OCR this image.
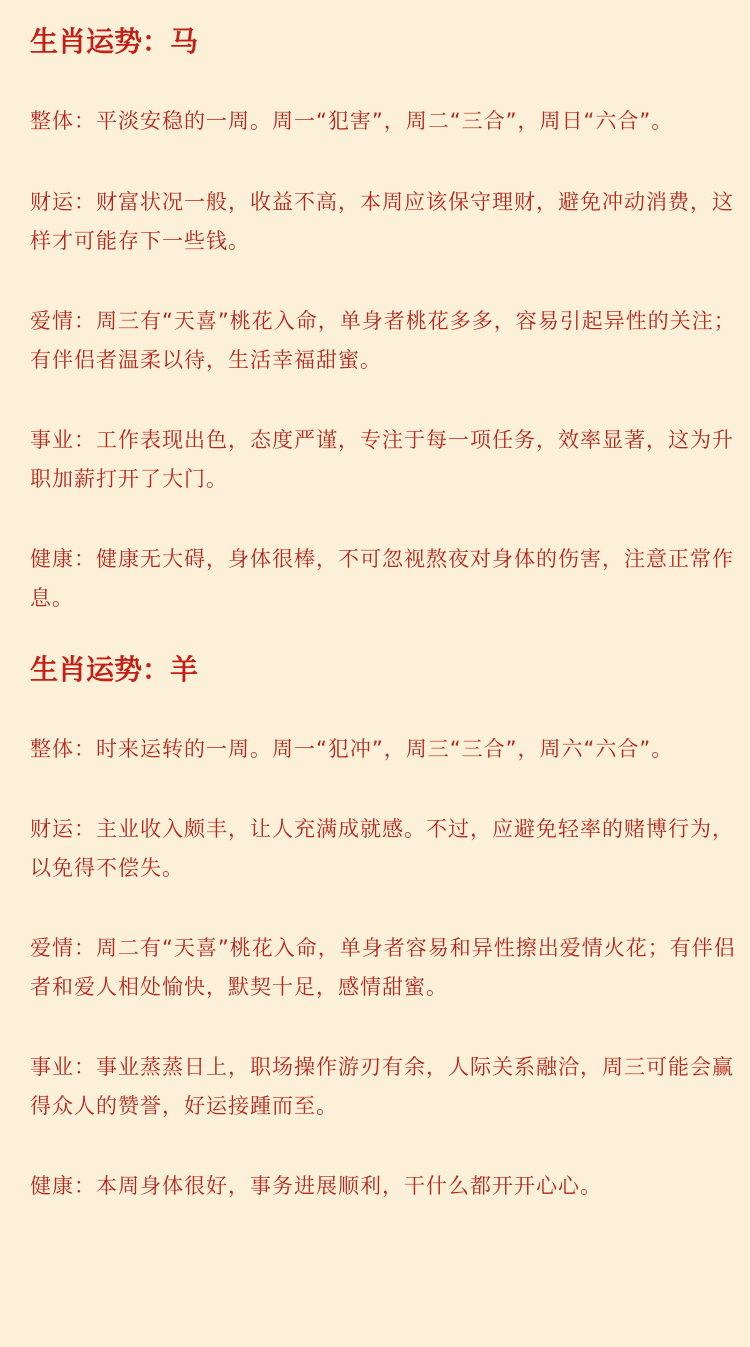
生肖运势：马

整体：平淡安稳的一周。周一“犯害”，周二“三合”，周日“六合”。

财运：财富状况一般，收益不高，本周应该保守理财，避免冲动消费，这样才可能存下一些钱。

爱情：周三有“天喜”桃花入命，单身者桃花多多，容易引起异性的关注；有伴侣者温柔以待，生活幸福甜蜜。

事业：工作表现出色，态度严谨，专注于每一项任务，效率显著，这为升职加薪打开了大门。

健康：健康无大碍，身体很棒，不可忽视熬夜对身体的伤害，注意正常作息。

生肖运势：羊

整体：时来运转的一周。周一“犯冲”，周三“三合”，周六“六合”。

财运：主业收入颇丰，让人充满成就感。不过，应避免轻率的赌博行为，以免得不偿失。

爱情：周二有“天喜”桃花入命，单身者容易和异性擦出爱情火花；有伴侣者和爱人相处愉快，默契十足，感情甜蜜。

事业：事业蒸蒸日上，职场操作游刃有余，人际关系融洽，周三可能会赢得众人的赞誉，好运接踵而至。

健康：本周身体很好，事务进展顺利，干什么都开开心心。
